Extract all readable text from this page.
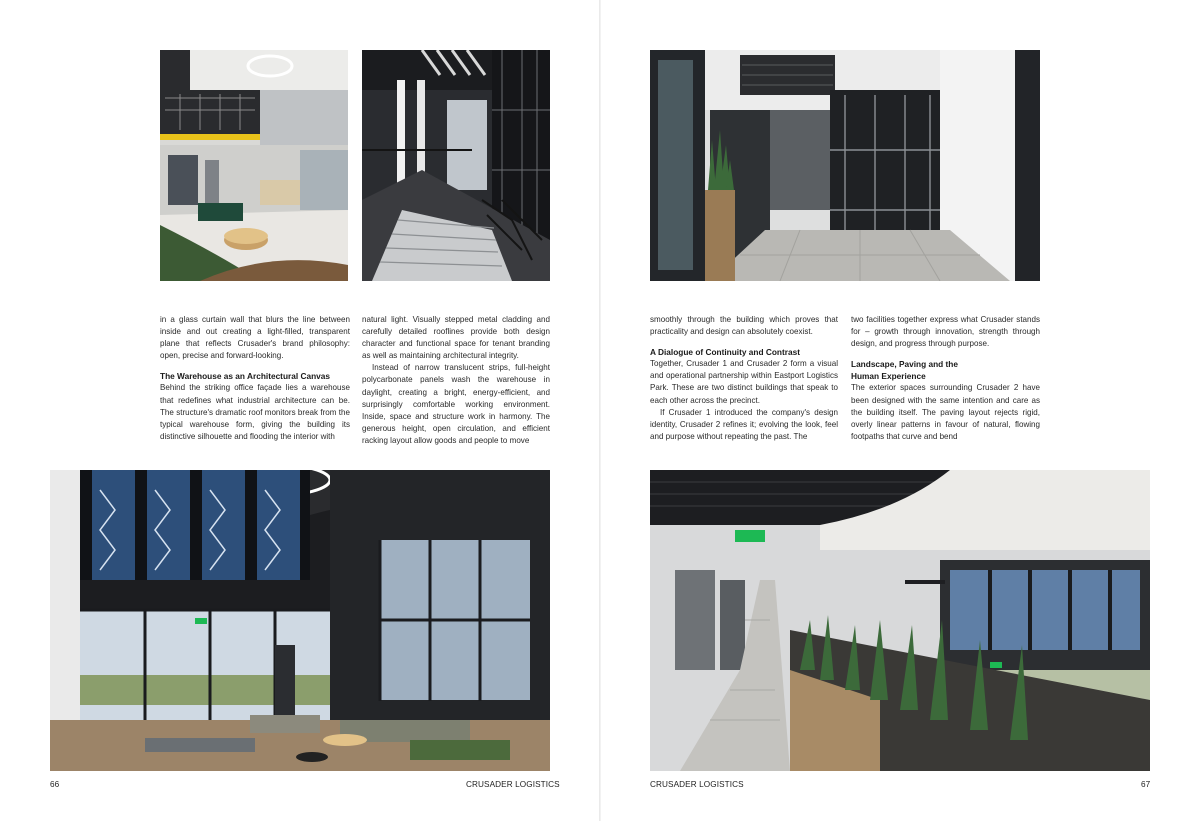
in a glass curtain wall that blurs the line between inside and out creating a light-filled, transparent plane that reflects Crusader's brand philosophy: open, precise and forward-looking.

The Warehouse as an Architectural Canvas

Behind the striking office façade lies a warehouse that redefines what industrial architecture can be. The structure's dramatic roof monitors break from the typical warehouse form, giving the building its distinctive silhouette and flooding the interior with

natural light. Visually stepped metal cladding and carefully detailed rooflines provide both design character and functional space for tenant branding as well as maintaining architectural integrity.

Instead of narrow translucent strips, full-height polycarbonate panels wash the warehouse in daylight, creating a bright, energy-efficient, and surprisingly comfortable working environment. Inside, space and structure work in harmony. The generous height, open circulation, and efficient racking layout allow goods and people to move

smoothly through the building which proves that practicality and design can absolutely coexist.

A Dialogue of Continuity and Contrast

Together, Crusader 1 and Crusader 2 form a visual and operational partnership within Eastport Logistics Park. These are two distinct buildings that speak to each other across the precinct.

If Crusader 1 introduced the company's design identity, Crusader 2 refines it; evolving the look, feel and purpose without repeating the past. The

two facilities together express what Crusader stands for – growth through innovation, strength through design, and progress through purpose.

Landscape, Paving and the Human Experience

The exterior spaces surrounding Crusader 2 have been designed with the same intention and care as the building itself. The paving layout rejects rigid, overly linear patterns in favour of natural, flowing footpaths that curve and bend

66	CRUSADER LOGISTICS	CRUSADER LOGISTICS	67
